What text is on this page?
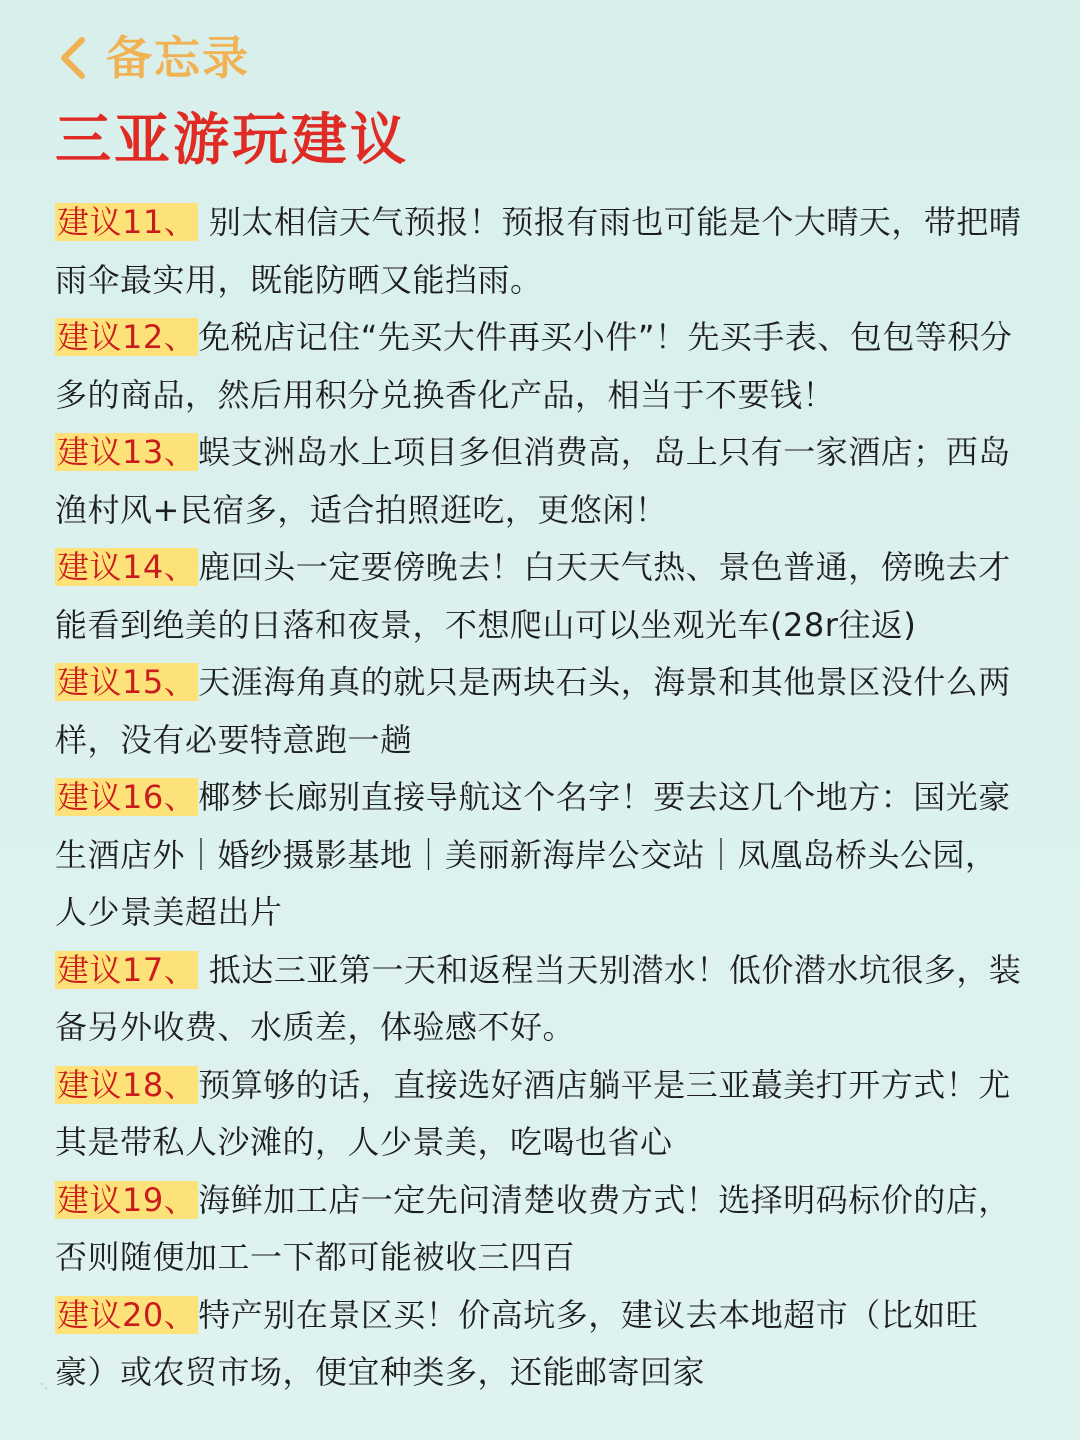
备忘录
三亚游玩建议
建议11、 别太相信天气预报！预报有雨也可能是个大晴天，带把晴雨伞最实用，既能防晒又能挡雨。
建议12、免税店记住“先买大件再买小件”！先买手表、包包等积分多的商品，然后用积分兑换香化产品，相当于不要钱！
建议13、蜈支洲岛水上项目多但消费高，岛上只有一家酒店；西岛渔村风+民宿多，适合拍照逛吃，更悠闲！
建议14、鹿回头一定要傍晚去！白天天气热、景色普通，傍晚去才能看到绝美的日落和夜景，不想爬山可以坐观光车(28r往返)
建议15、天涯海角真的就只是两块石头，海景和其他景区没什么两样，没有必要特意跑一趟
建议16、椰梦长廊别直接导航这个名字！要去这几个地方：国光豪生酒店外｜婚纱摄影基地｜美丽新海岸公交站｜凤凰岛桥头公园，人少景美超出片
建议17、 抵达三亚第一天和返程当天别潜水！低价潜水坑很多，装备另外收费、水质差，体验感不好。
建议18、预算够的话，直接选好酒店躺平是三亚蕞美打开方式！尤其是带私人沙滩的，人少景美，吃喝也省心
建议19、海鲜加工店一定先问清楚收费方式！选择明码标价的店，否则随便加工一下都可能被收三四百
建议20、特产别在景区买！价高坑多，建议去本地超市（比如旺豪）或农贸市场，便宜种类多，还能邮寄回家
